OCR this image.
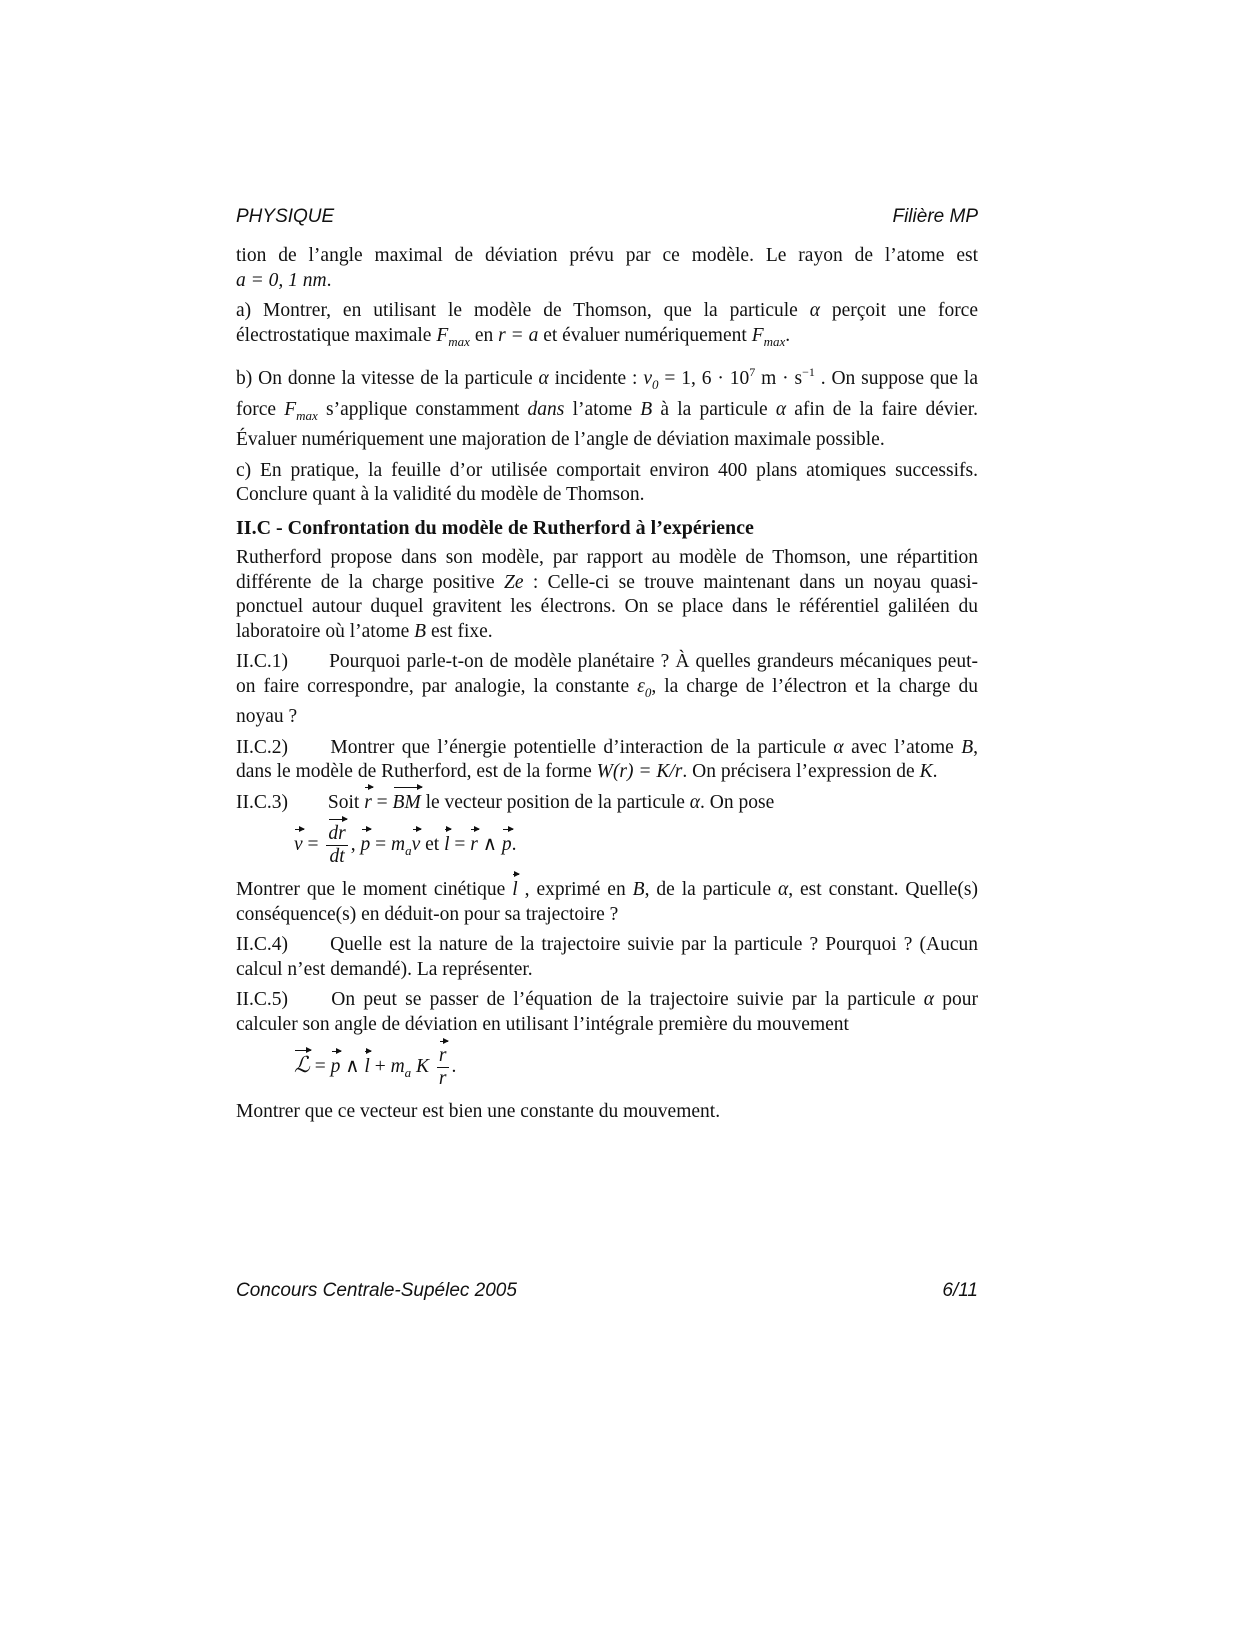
PHYSIQUE	Filière MP

tion de l’angle maximal de déviation prévu par ce modèle. Le rayon de l’atome est a = 0, 1 nm.

a) Montrer, en utilisant le modèle de Thomson, que la particule α perçoit une force électrostatique maximale $F_{max}$ en r = a et évaluer numériquement $F_{max}$.

b) On donne la vitesse de la particule α incidente : $v_0 = 1$, $6 \cdot 10^7$ $m \cdot s^{-1}$ . On suppose que la force $F_{max}$ s’applique constamment dans l’atome B à la particule α afin de la faire dévier. Évaluer numériquement une majoration de l’angle de déviation maximale possible.

c) En pratique, la feuille d’or utilisée comportait environ 400 plans atomiques successifs. Conclure quant à la validité du modèle de Thomson.

II.C - Confrontation du modèle de Rutherford à l’expérience

Rutherford propose dans son modèle, par rapport au modèle de Thomson, une répartition différente de la charge positive Ze : Celle-ci se trouve maintenant dans un noyau quasi-ponctuel autour duquel gravitent les électrons. On se place dans le référentiel galiléen du laboratoire où l’atome B est fixe.

II.C.1) Pourquoi parle-t-on de modèle planétaire ? À quelles grandeurs mécaniques peut-on faire correspondre, par analogie, la constante $\varepsilon_0$, la charge de l’électron et la charge du noyau ?

II.C.2) Montrer que l’énergie potentielle d’interaction de la particule α avec l’atome B, dans le modèle de Rutherford, est de la forme W(r) = K/r. On précisera l’expression de K.

II.C.3) Soit r = BM le vecteur position de la particule α. On pose

$v = \frac{dr}{dt}$ , $p = m_av$ et l = r ∧ p.

Montrer que le moment cinétique l , exprimé en B, de la particule α, est constant. Quelle(s) conséquence(s) en déduit-on pour sa trajectoire ?

II.C.4) Quelle est la nature de la trajectoire suivie par la particule ? Pourquoi ? (Aucun calcul n’est demandé). La représenter.

II.C.5) On peut se passer de l’équation de la trajectoire suivie par la particule α pour calculer son angle de déviation en utilisant l’intégrale première du mouvement

ℒ = p ∧ $l + m_a$ K $\frac{r}{r}$ .

Montrer que ce vecteur est bien une constante du mouvement.

Concours Centrale-Supélec 2005	6/11
